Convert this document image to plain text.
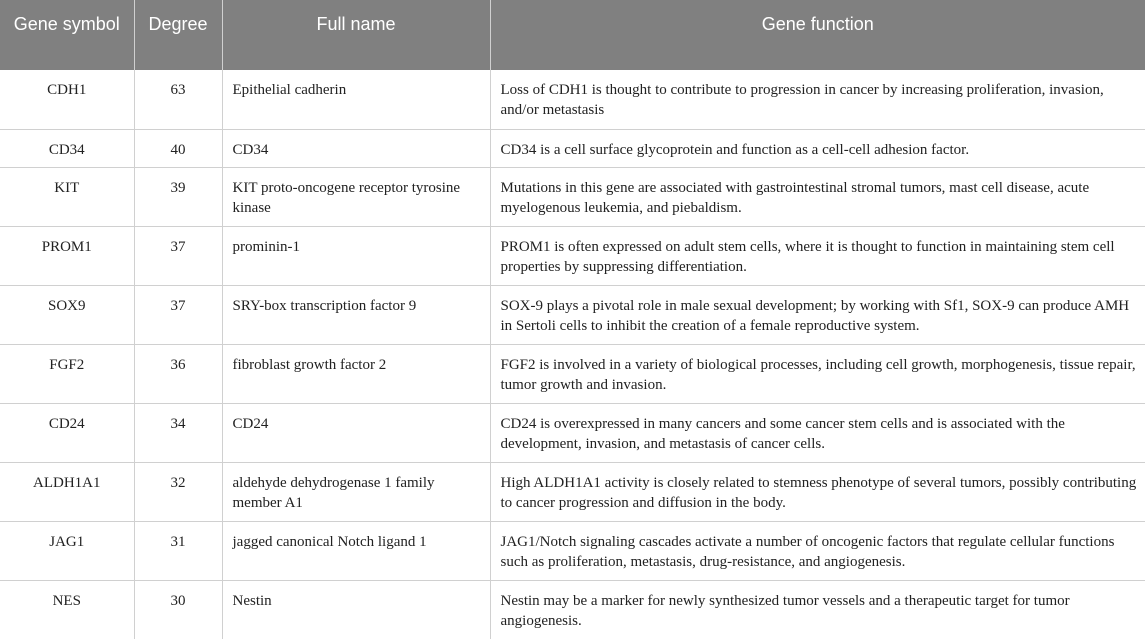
Gene symbol	Degree	Full name	Gene function
CDH1	63	Epithelial cadherin	Loss of CDH1 is thought to contribute to progression in cancer by increasing proliferation, invasion, and/or metastasis
CD34	40	CD34	CD34 is a cell surface glycoprotein and function as a cell-cell adhesion factor.
KIT	39	KIT proto-oncogene receptor tyrosine kinase	Mutations in this gene are associated with gastrointestinal stromal tumors, mast cell disease, acute myelogenous leukemia, and piebaldism.
PROM1	37	prominin-1	PROM1 is often expressed on adult stem cells, where it is thought to function in maintaining stem cell properties by suppressing differentiation.
SOX9	37	SRY-box transcription factor 9	SOX-9 plays a pivotal role in male sexual development; by working with Sf1, SOX-9 can produce AMH in Sertoli cells to inhibit the creation of a female reproductive system.
FGF2	36	fibroblast growth factor 2	FGF2 is involved in a variety of biological processes, including cell growth, morphogenesis, tissue repair, tumor growth and invasion.
CD24	34	CD24	CD24 is overexpressed in many cancers and some cancer stem cells and is associated with the development, invasion, and metastasis of cancer cells.
ALDH1A1	32	aldehyde dehydrogenase 1 family member A1	High ALDH1A1 activity is closely related to stemness phenotype of several tumors, possibly contributing to cancer progression and diffusion in the body.
JAG1	31	jagged canonical Notch ligand 1	JAG1/Notch signaling cascades activate a number of oncogenic factors that regulate cellular functions such as proliferation, metastasis, drug-resistance, and angiogenesis.
NES	30	Nestin	Nestin may be a marker for newly synthesized tumor vessels and a therapeutic target for tumor angiogenesis.
